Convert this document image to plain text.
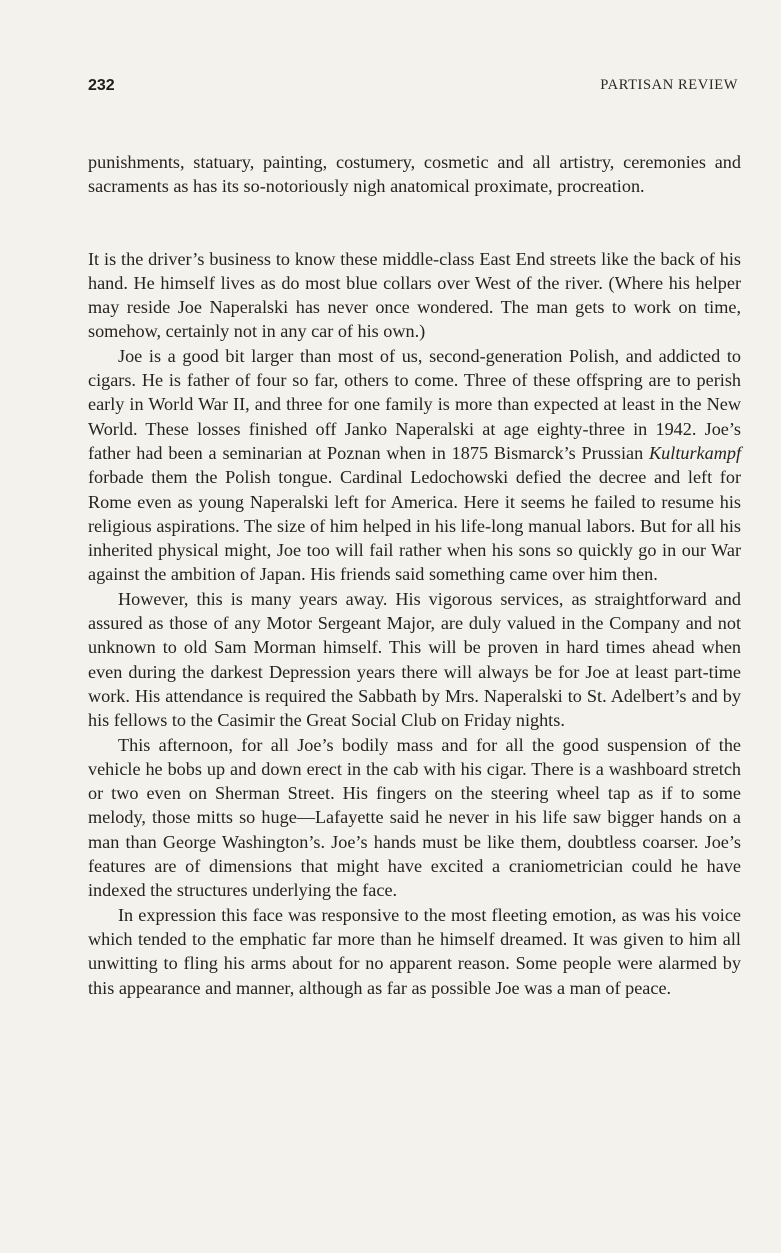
232	PARTISAN REVIEW

punishments, statuary, painting, costumery, cosmetic and all artistry, ceremonies and sacraments as has its so-notoriously nigh anatomical proximate, procreation.

It is the driver’s business to know these middle-class East End streets like the back of his hand. He himself lives as do most blue collars over West of the river. (Where his helper may reside Joe Naperalski has never once wondered. The man gets to work on time, somehow, certainly not in any car of his own.)

Joe is a good bit larger than most of us, second-generation Polish, and addicted to cigars. He is father of four so far, others to come. Three of these offspring are to perish early in World War II, and three for one family is more than expected at least in the New World. These losses finished off Janko Naperalski at age eighty-three in 1942. Joe’s father had been a seminarian at Poznan when in 1875 Bismarck’s Prussian Kulturkampf forbade them the Polish tongue. Cardinal Ledochowski defied the decree and left for Rome even as young Naperalski left for America. Here it seems he failed to resume his religious aspirations. The size of him helped in his life-long manual labors. But for all his inherited physical might, Joe too will fail rather when his sons so quickly go in our War against the ambition of Japan. His friends said something came over him then.

However, this is many years away. His vigorous services, as straightforward and assured as those of any Motor Sergeant Major, are duly valued in the Company and not unknown to old Sam Morman himself. This will be proven in hard times ahead when even during the darkest Depression years there will always be for Joe at least part-time work. His attendance is required the Sabbath by Mrs. Naperalski to St. Adelbert’s and by his fellows to the Casimir the Great Social Club on Friday nights.

This afternoon, for all Joe’s bodily mass and for all the good suspension of the vehicle he bobs up and down erect in the cab with his cigar. There is a washboard stretch or two even on Sherman Street. His fingers on the steering wheel tap as if to some melody, those mitts so huge—Lafayette said he never in his life saw bigger hands on a man than George Washington’s. Joe’s hands must be like them, doubtless coarser. Joe’s features are of dimensions that might have excited a craniometrician could he have indexed the structures underlying the face.

In expression this face was responsive to the most fleeting emotion, as was his voice which tended to the emphatic far more than he himself dreamed. It was given to him all unwitting to fling his arms about for no apparent reason. Some people were alarmed by this appearance and manner, although as far as possible Joe was a man of peace.
